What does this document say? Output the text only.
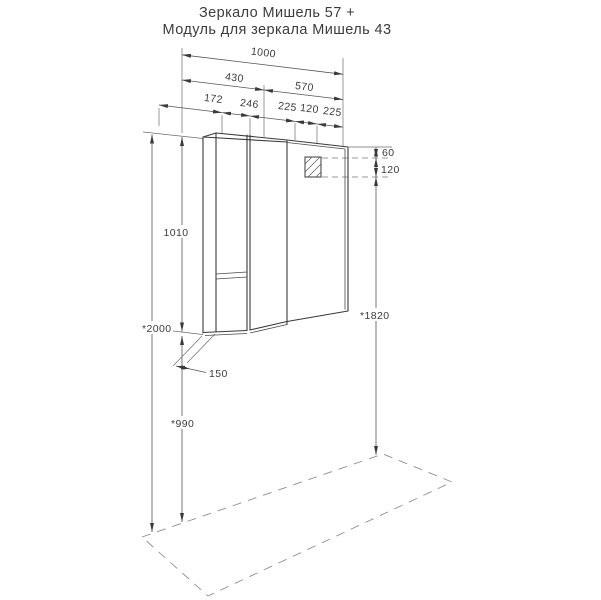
1000
430
570
172 246 225 120 225
1010
*2000
*990
*1820
60
120
150
Зеркало Мишель 57 +
Модуль для зеркала Мишель 43
